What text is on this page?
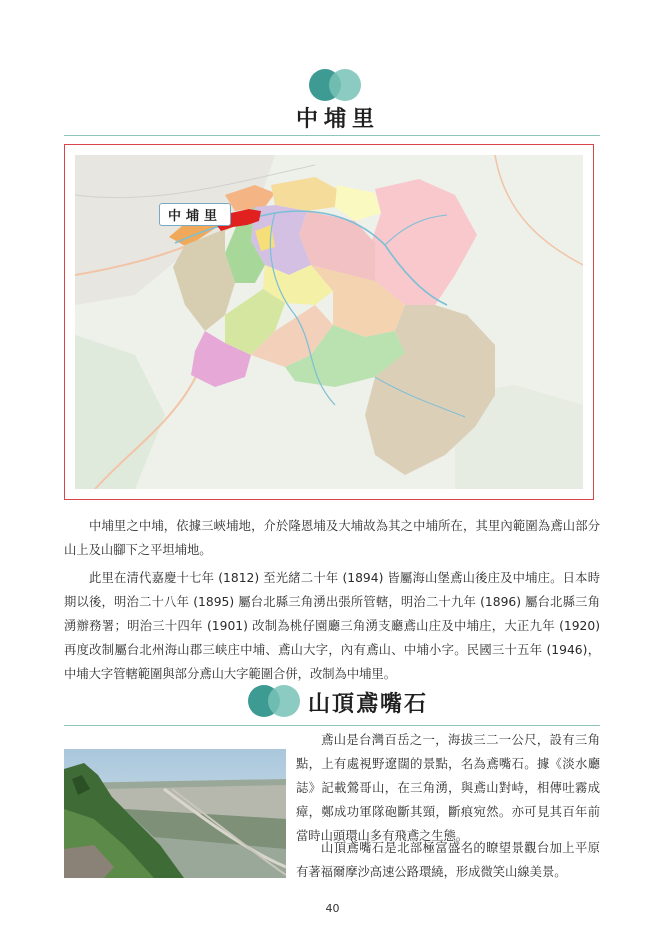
中埔里
中埔里

中埔里之中埔，依據三峽埔地，介於隆恩埔及大埔故為其之中埔所在，其里內範圍為鳶山部分山上及山腳下之平坦埔地。

此里在清代嘉慶十七年 (1812) 至光緒二十年 (1894) 皆屬海山堡鳶山後庄及中埔庄。日本時期以後，明治二十八年 (1895) 屬台北縣三角湧出張所管轄，明治二十九年 (1896) 屬台北縣三角湧辦務署；明治三十四年 (1901) 改制為桃仔園廳三角湧支廳鳶山庄及中埔庄，大正九年 (1920) 再度改制屬台北州海山郡三峡庄中埔、鳶山大字，內有鳶山、中埔小字。民國三十五年 (1946)，中埔大字管轄範圍與部分鳶山大字範圍合併，改制為中埔里。

山頂鳶嘴石

鳶山是台灣百岳之一，海拔三二一公尺，設有三角點，上有處視野遼闊的景點，名為鳶嘴石。據《淡水廳誌》記載鶯哥山，在三角湧，與鳶山對峙，相傳吐霧成瘴，鄭成功軍隊砲斷其頸，斷痕宛然。亦可見其百年前當時山頭環山多有飛鳶之生態。

山頂鳶嘴石是北部極富盛名的瞭望景觀台加上平原有著福爾摩沙高速公路環繞，形成微笑山線美景。

40
